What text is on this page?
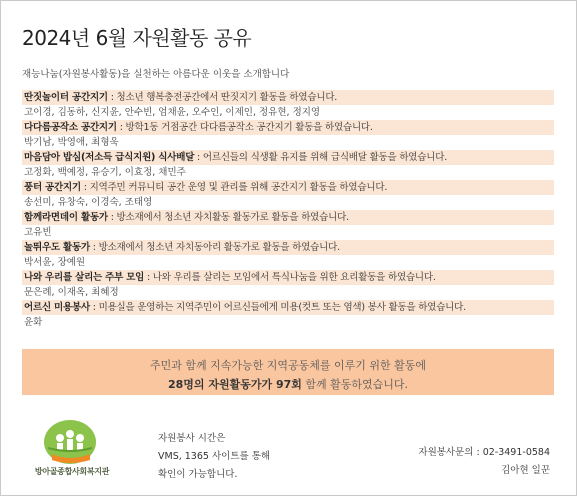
2024년 6월 자원활동 공유
재능나눔(자원봉사활동)을 실천하는 아름다운 이웃을 소개합니다
딴짓놀이터 공간지기 : 청소년 행복충전공간에서 딴짓지기 활동을 하였습니다.
고이경, 김동하, 신지윤, 안수빈, 엄채윤, 오수인, 이제인, 정유현, 정지영
다다름공작소 공간지기 : 방학1동 거점공간 다다름공작소 공간지기 활동을 하였습니다.
박기남, 박영애, 최형욱
마음담아 밥심(저소득 급식지원) 식사배달 : 어르신들의 식생활 유지를 위해 급식배달 활동을 하였습니다.
고정화, 백예정, 유승기, 이효정, 채민주
풍터 공간지기 : 지역주민 커뮤니티 공간 운영 및 관리를 위해 공간지기 활동을 하였습니다.
송선미, 유창숙, 이경숙, 조태영
함께라면데이 활동가 : 방소재에서 청소년 자치활동 활동가로 활동을 하였습니다.
고유빈
놀뛰우도 활동가 : 방소재에서 청소년 자치동아리 활동가로 활동을 하였습니다.
박서윤, 장예원
나와 우리를 살리는 주부 모임 : 나와 우리를 살리는 모임에서 특식나눔을 위한 요리활동을 하였습니다.
문은례, 이재옥, 최혜정
어르신 미용봉사 : 미용실을 운영하는 지역주민이 어르신들에게 미용(컷트 또는 염색) 봉사 활동을 하였습니다.
윤화
주민과 함께 지속가능한 지역공동체를 이루기 위한 활동에
28명의 자원활동가가 97회 함께 활동하였습니다.
방아골종합사회복지관
자원봉사 시간은
VMS, 1365 사이트를 통해
확인이 가능합니다.
자원봉사문의 : 02-3491-0584
김아현 일꾼
